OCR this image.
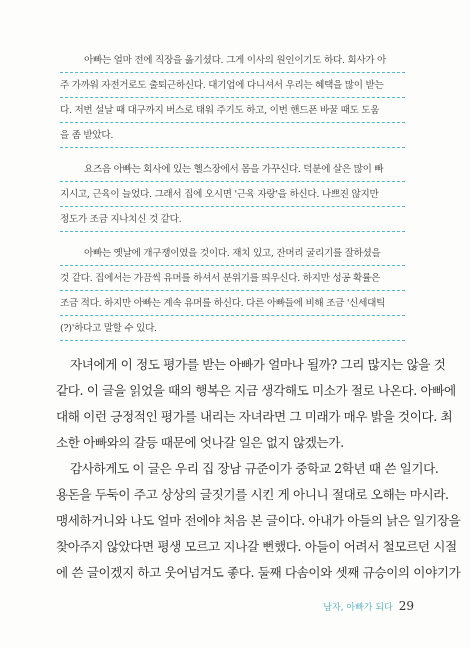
아빠는 얼마 전에 직장을 옮기셨다. 그게 이사의 원인이기도 하다. 회사가 아
주 가까워 자전거로도 출퇴근하신다. 대기업에 다니셔서 우리는 혜택을 많이 받는
다. 저번 설날 때 대구까지 버스로 태워 주기도 하고, 이번 핸드폰 바꿀 때도 도움
을 좀 받았다.
요즈음 아빠는 회사에 있는 헬스장에서 몸을 가꾸신다. 덕분에 살은 많이 빠
지시고, 근육이 늘었다. 그래서 집에 오시면 '근육 자랑'을 하신다. 나쁘진 않지만
정도가 조금 지나치신 것 같다.
아빠는 옛날에 개구쟁이였을 것이다. 재치 있고, 잔머리 굴리기를 잘하셨을
것 같다. 집에서는 가끔씩 유머를 하셔서 분위기를 띄우신다. 하지만 성공 확률은
조금 적다. 하지만 아빠는 계속 유머를 하신다. 다른 아빠들에 비해 조금 '신세대틱
(?)'하다고 말할 수 있다.
자녀에게 이 정도 평가를 받는 아빠가 얼마나 될까? 그리 많지는 않을 것
같다. 이 글을 읽었을 때의 행복은 지금 생각해도 미소가 절로 나온다. 아빠에
대해 이런 긍정적인 평가를 내리는 자녀라면 그 미래가 매우 밝을 것이다. 최
소한 아빠와의 갈등 때문에 엇나갈 일은 없지 않겠는가.
감사하게도 이 글은 우리 집 장남 규준이가 중학교 2학년 때 쓴 일기다.
용돈을 두둑이 주고 상상의 글짓기를 시킨 게 아니니 절대로 오해는 마시라.
맹세하거니와 나도 얼마 전에야 처음 본 글이다. 아내가 아들의 낡은 일기장을
찾아주지 않았다면 평생 모르고 지나갈 뻔했다. 아들이 어려서 철모르던 시절
에 쓴 글이겠지 하고 웃어넘겨도 좋다. 둘째 다솜이와 셋째 규승이의 이야기가
남자, 아빠가 되다 29
